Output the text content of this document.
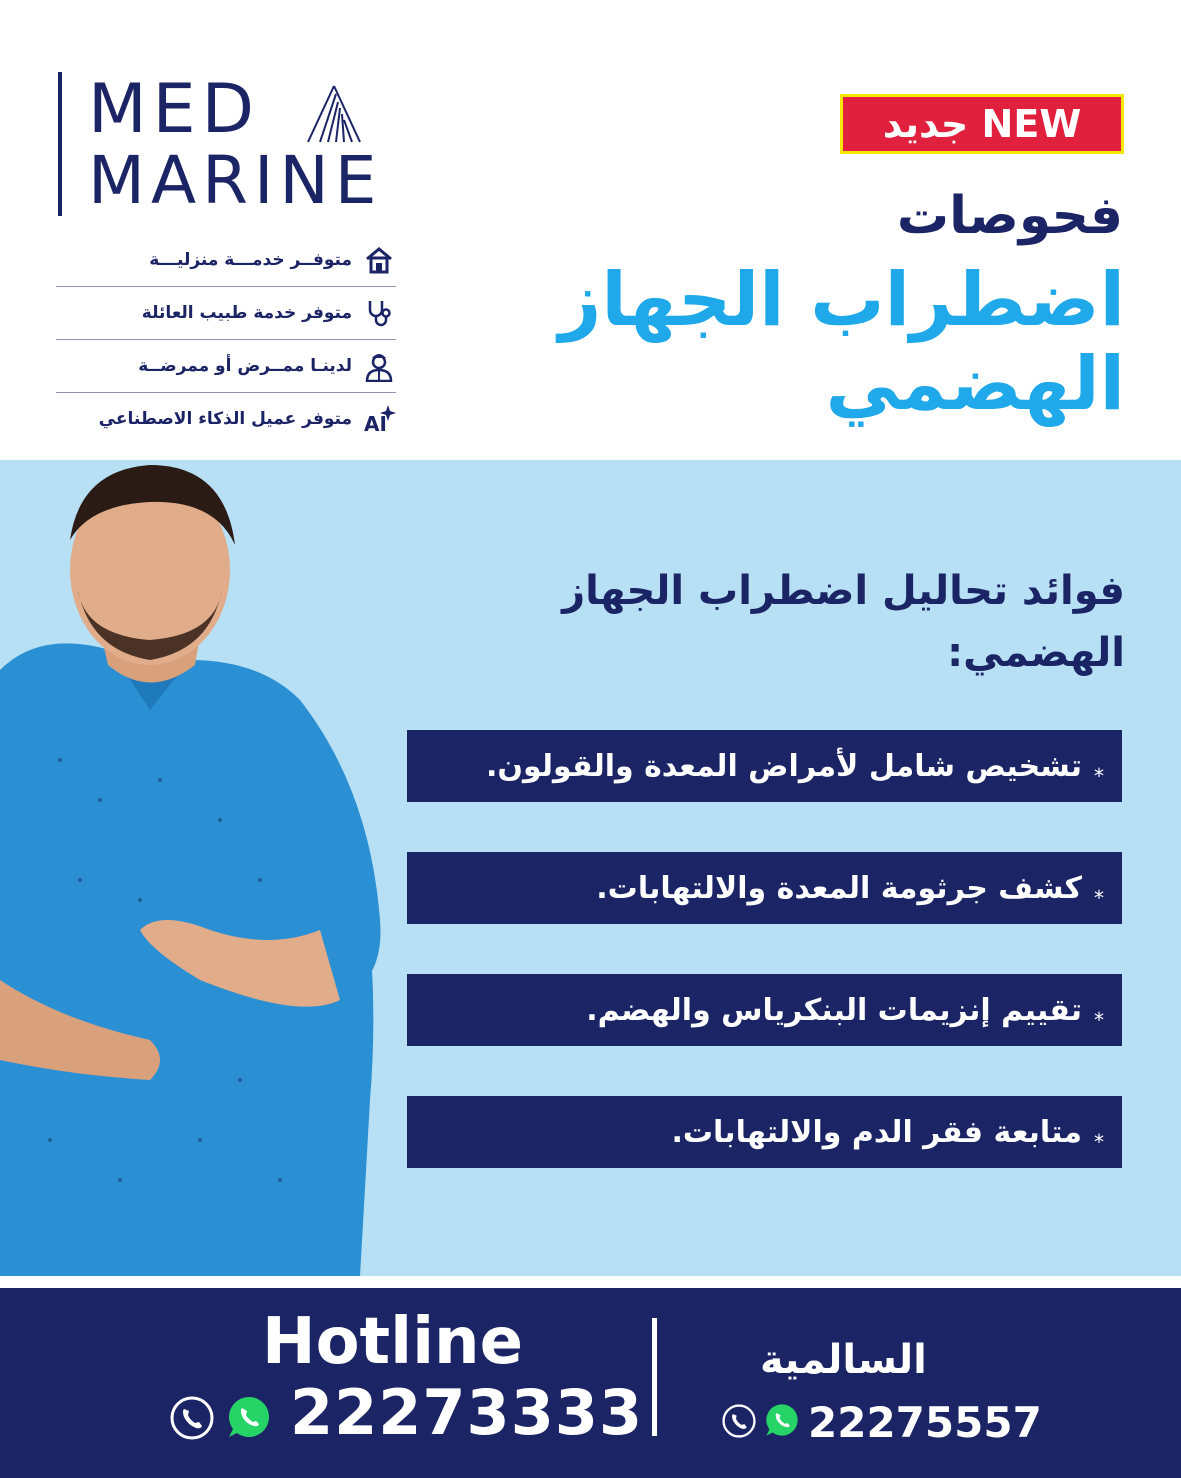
MED
MARINE
متوفــر خدمـــة منزليـــة
متوفر خدمة طبيب العائلة
لدينـا ممــرض أو ممرضــة
متوفر عميل الذكاء الاصطناعي AI
جديد NEW
فحوصات
اضطراب الجهاز الهضمي
فوائد تحاليل اضطراب الجهاز الهضمي:
*
تشخيص شامل لأمراض المعدة والقولون.
*
كشف جرثومة المعدة والالتهابات.
*
تقييم إنزيمات البنكرياس والهضم.
*
متابعة فقر الدم والالتهابات.
Hotline
22273333
السالمية
22275557
